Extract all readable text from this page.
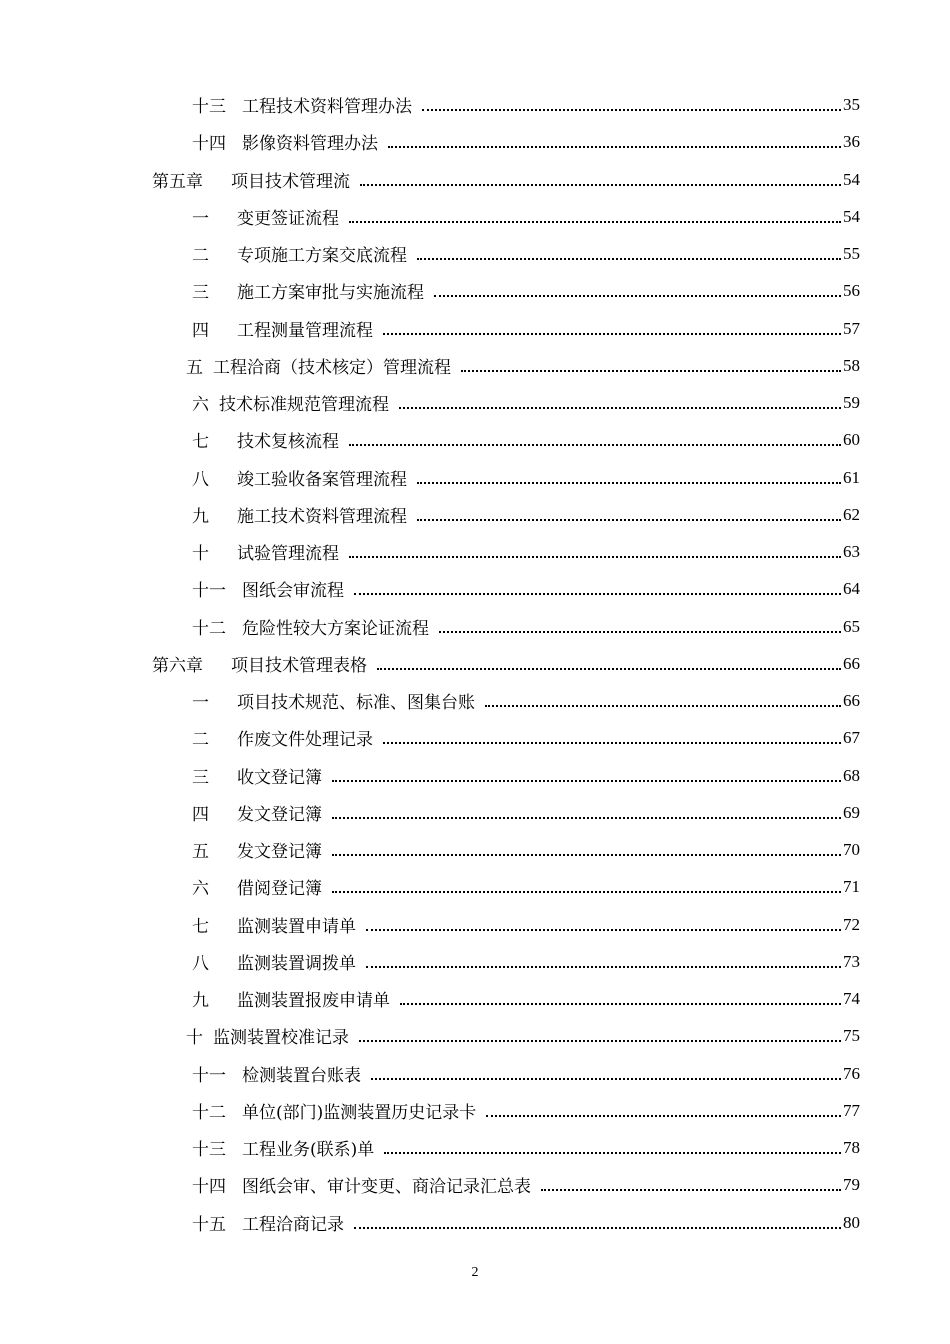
十三 工程技术资料管理办法	35
十四 影像资料管理办法	36
第五章 项目技术管理流	54
一 变更签证流程	54
二 专项施工方案交底流程	55
三 施工方案审批与实施流程	56
四 工程测量管理流程	57
五 工程洽商（技术核定）管理流程	58
六 技术标准规范管理流程	59
七 技术复核流程	60
八 竣工验收备案管理流程	61
九 施工技术资料管理流程	62
十 试验管理流程	63
十一 图纸会审流程	64
十二 危险性较大方案论证流程	65
第六章 项目技术管理表格	66
一 项目技术规范、标准、图集台账	66
二 作废文件处理记录	67
三 收文登记簿	68
四 发文登记簿	69
五 发文登记簿	70
六 借阅登记簿	71
七 监测装置申请单	72
八 监测装置调拨单	73
九 监测装置报废申请单	74
十 监测装置校准记录	75
十一 检测装置台账表	76
十二 单位(部门)监测装置历史记录卡	77
十三 工程业务(联系)单	78
十四 图纸会审、审计变更、商洽记录汇总表	79
十五 工程洽商记录	80
2
